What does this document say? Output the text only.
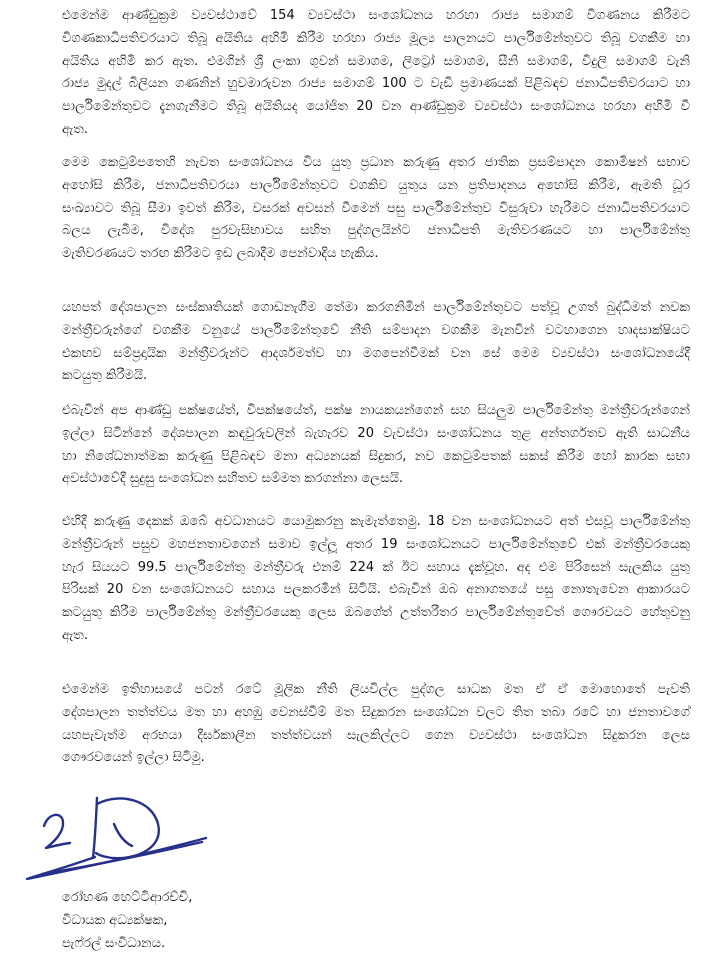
එමෙන්ම ආණ්ඩුක්‍රම ව්‍යවස්ථාවේ 154 ව්‍යවස්ථා සංශෝධනය හරහා රාජ්‍ය සමාගම් විගණනය කිරීමට
විගණකාධිපතිවරයාට තිබූ අයිතිය අහිමි කිරීම හරහා රාජ්‍ය මූල්‍ය පාලනයට පාර්ලිමේන්තුවට තිබූ වගකීම හා
අයිතිය අහිමි කර ඇත. එමගින් ශ්‍රී ලංකා ගුවන් සමාගම, ලිට්‍රෝ සමාගම, සීනි සමාගම්, විදුලි සමාගම් වැනි
රාජ්‍ය මුදල් බිලියන ගණනින් හුවමාරුවන රාජ්‍ය සමාගම් 100 ට වැඩි ප්‍රමාණයක් පිළිබඳව ජනාධිපතිවරයාට හා
පාර්ලිමේන්තුවට දැනගැනීමට තිබූ අයිතියද යෝජිත 20 වන ආණ්ඩුක්‍රම ව්‍යවස්ථා සංශෝධනය හරහා අහිමි වී
ඇත.
මෙම කෙටුම්පතෙහි නැවත සංශෝධනය විය යුතු ප්‍රධාන කරුණු අතර ජාතික ප්‍රසම්පාදන කොමිෂන් සභාව
අහෝසි කිරීම, ජනාධිපතිවරයා පාර්ලිමේන්තුවට වගකිව යුතුය යන ප්‍රතිපාදනය අහෝසි කිරීම, ඇමති ධූර
සංඛ්‍යාවට තිබූ සීමා ඉවත් කිරීම, වසරක් අවසන් වීමෙන් පසු පාර්ලිමේන්තුව විසුරුවා හැරීමට ජනාධිපතිවරයාට
බලය ලැබීම, විදේශ පුරවැසිභාවය සහිත පුද්ගලයින්ට ජනාධිපති මැතිවරණයට හා පාර්ලිමේන්තු
මැතිවරණයට තරඟ කිරීමට ඉඩ ලබාදීම පෙන්වාදිය හැකිය.
යහපත් දේශපාලන සංස්කෘතියක් ගොඩනැගීම තේමා කරගනිමින් පාර්ලිමේන්තුවට පත්වූ උගත් බුද්ධිමත් නවක
මන්ත්‍රීවරුන්ගේ වගකීම වනුයේ පාර්ලිමේන්තුවේ නීති සම්පාදන වගකීම මැනවින් වටහාගෙන හෘදසාක්ෂියට
එකඟව සම්ප්‍රදායික මන්ත්‍රීවරුන්ට ආදර්ශමත්ව හා මගපෙන්වීමක් වන සේ මෙම ව්‍යවස්ථා සංශෝධනයේදී
කටයුතු කිරීමයි.
එබැවින් අප ආණ්ඩු පක්ෂයේත්, විපක්ෂයේත්, පක්ෂ නායකයන්ගෙන් සහ සියලුම පාර්ලිමේන්තු මන්ත්‍රීවරුන්ගෙන්
ඉල්ලා සිටින්නේ දේශපාලන කඳවුරුවලින් බැහැරව 20 වැවස්ථා සංශෝධනය තුළ අන්තර්ගතව ඇති සාධනීය
හා නිශේධනාත්මක කරුණු පිළිබඳව මනා අධ්‍යනයක් සිදුකර, නව කෙටුම්පතක් සකස් කිරීම හෝ කාරක සභා
අවස්ථාවේදී සුදුසු සංශෝධන සහිතව සම්මත කරගන්නා ලෙසයි.
එහිදී කරුණු දෙකක් ඔබේ අවධානයට යොමුකරනු කැමැත්තෙමු. 18 වන සංශෝධනයට අත් එසවූ පාර්ලිමේන්තු
මන්ත්‍රීවරුන් පසුව මහජනතාවගෙන් සමාව ඉල්ලූ අතර 19 සංශෝධනයට පාර්ලිමේන්තුවේ එක් මන්ත්‍රීවරයෙකු
හැර සියයට 99.5 පාර්ලිමේන්තු මන්ත්‍රීවරු එනම් 224 ක් ඊට සහාය දැක්වූහ. අද එම පිරිසෙන් සැලකිය යුතු
පිරිසක් 20 වන සංශෝධනයට සහාය පලකරමින් සිටියි. එබැවින් ඔබ අනාගතයේ පසු නොතැවෙන ආකාරයට
කටයුතු කිරීම පාර්ලිමේන්තු මන්ත්‍රීවරයෙකු ලෙස ඔබගේත් උත්තරීතර පාර්ලිමේන්තුවේත් ගෞරවයට හේතුවනු
ඇත.
එමෙන්ම ඉතිහාසයේ පටන් රටේ මූලික නීති ලියවිල්ල පුද්ගල සාධක මත ඒ ඒ මොහොතේ පැවති
දේශපාලන තත්ත්වය මත හා අහඹු වෙනස්වීම් මත සිදුකරන සංශෝධන වලට තිත තබා රටේ හා ජනතාවගේ
යහපැවැත්ම අරභයා දීර්ඝකාලීන තත්ත්වයන් සැලකිල්ලට ගෙන ව්‍යවස්ථා සංශෝධන සිදුකරන ලෙස
ගෞරවයෙන් ඉල්ලා සිටිමු.
රෝහණ හෙට්ටිආරච්චි,
විධායක අධ්‍යක්ෂක,
පැෆ්රල් සංවිධානය.
